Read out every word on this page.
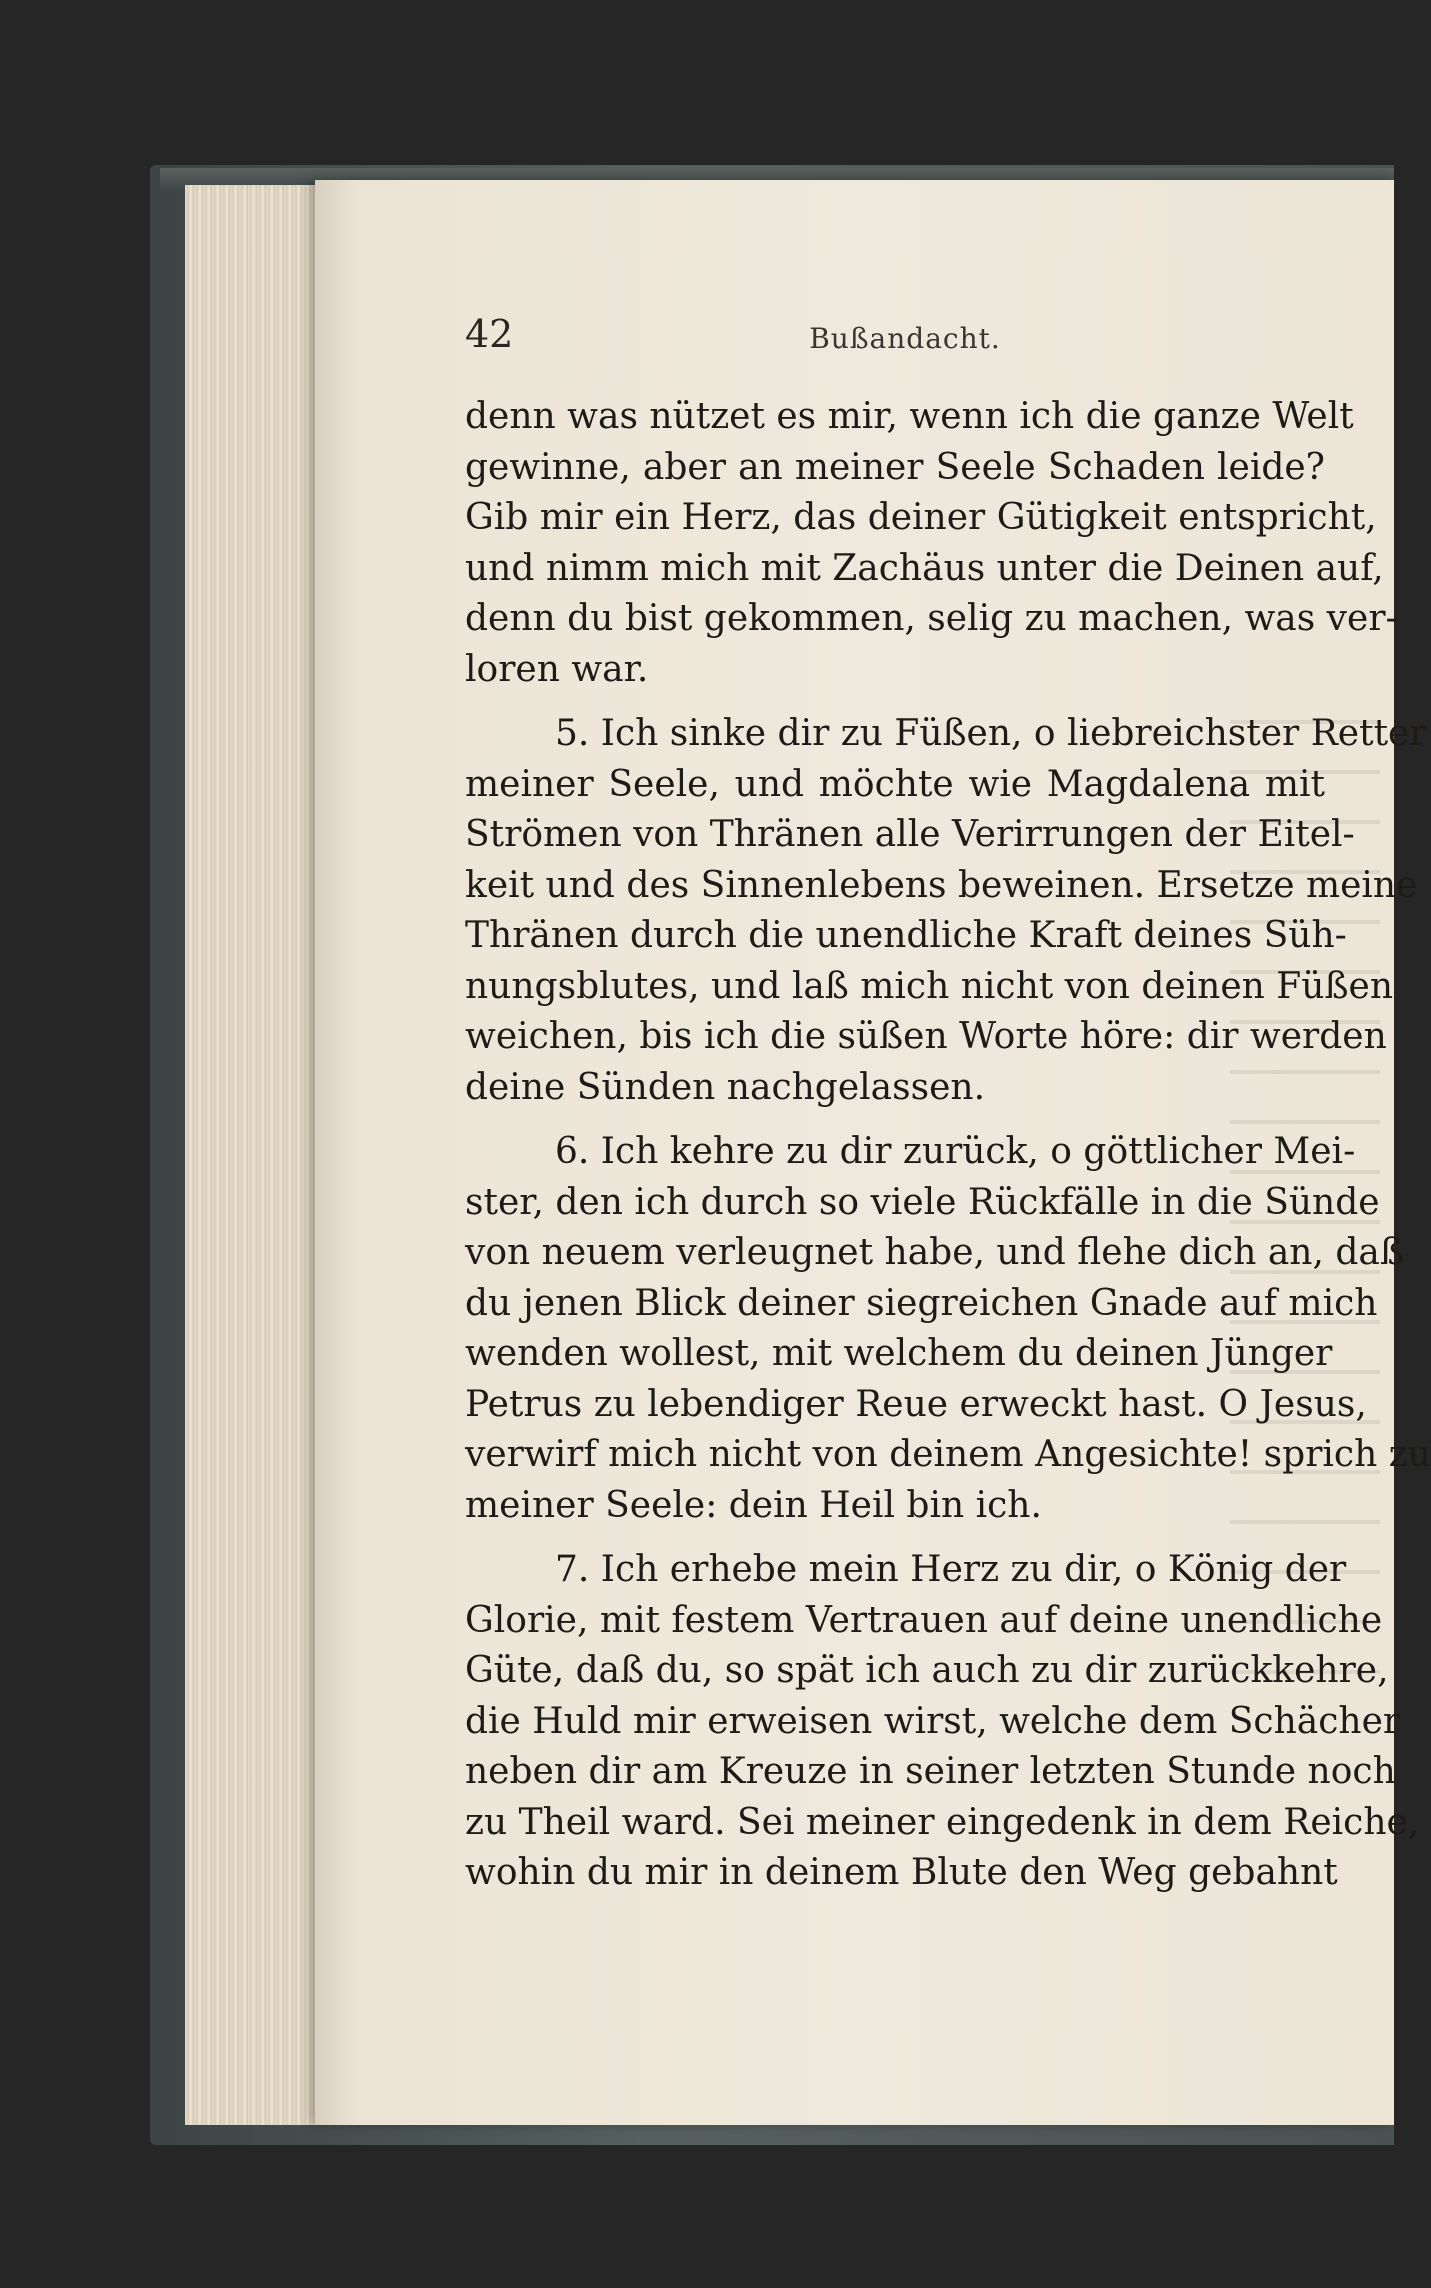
42	Bußandacht.
denn was nützet es mir, wenn ich die ganze Welt
gewinne, aber an meiner Seele Schaden leide?
Gib mir ein Herz, das deiner Gütigkeit entspricht,
und nimm mich mit Zachäus unter die Deinen auf,
denn du bist gekommen, selig zu machen, was ver-
loren war.
5. Ich sinke dir zu Füßen, o liebreichster Retter
meiner Seele, und möchte wie Magdalena mit
Strömen von Thränen alle Verirrungen der Eitel-
keit und des Sinnenlebens beweinen. Ersetze meine
Thränen durch die unendliche Kraft deines Süh-
nungsblutes, und laß mich nicht von deinen Füßen
weichen, bis ich die süßen Worte höre: dir werden
deine Sünden nachgelassen.
6. Ich kehre zu dir zurück, o göttlicher Mei-
ster, den ich durch so viele Rückfälle in die Sünde
von neuem verleugnet habe, und flehe dich an, daß
du jenen Blick deiner siegreichen Gnade auf mich
wenden wollest, mit welchem du deinen Jünger
Petrus zu lebendiger Reue erweckt hast. O Jesus,
verwirf mich nicht von deinem Angesichte! sprich zu
meiner Seele: dein Heil bin ich.
7. Ich erhebe mein Herz zu dir, o König der
Glorie, mit festem Vertrauen auf deine unendliche
Güte, daß du, so spät ich auch zu dir zurückkehre,
die Huld mir erweisen wirst, welche dem Schächer
neben dir am Kreuze in seiner letzten Stunde noch
zu Theil ward. Sei meiner eingedenk in dem Reiche,
wohin du mir in deinem Blute den Weg gebahnt
